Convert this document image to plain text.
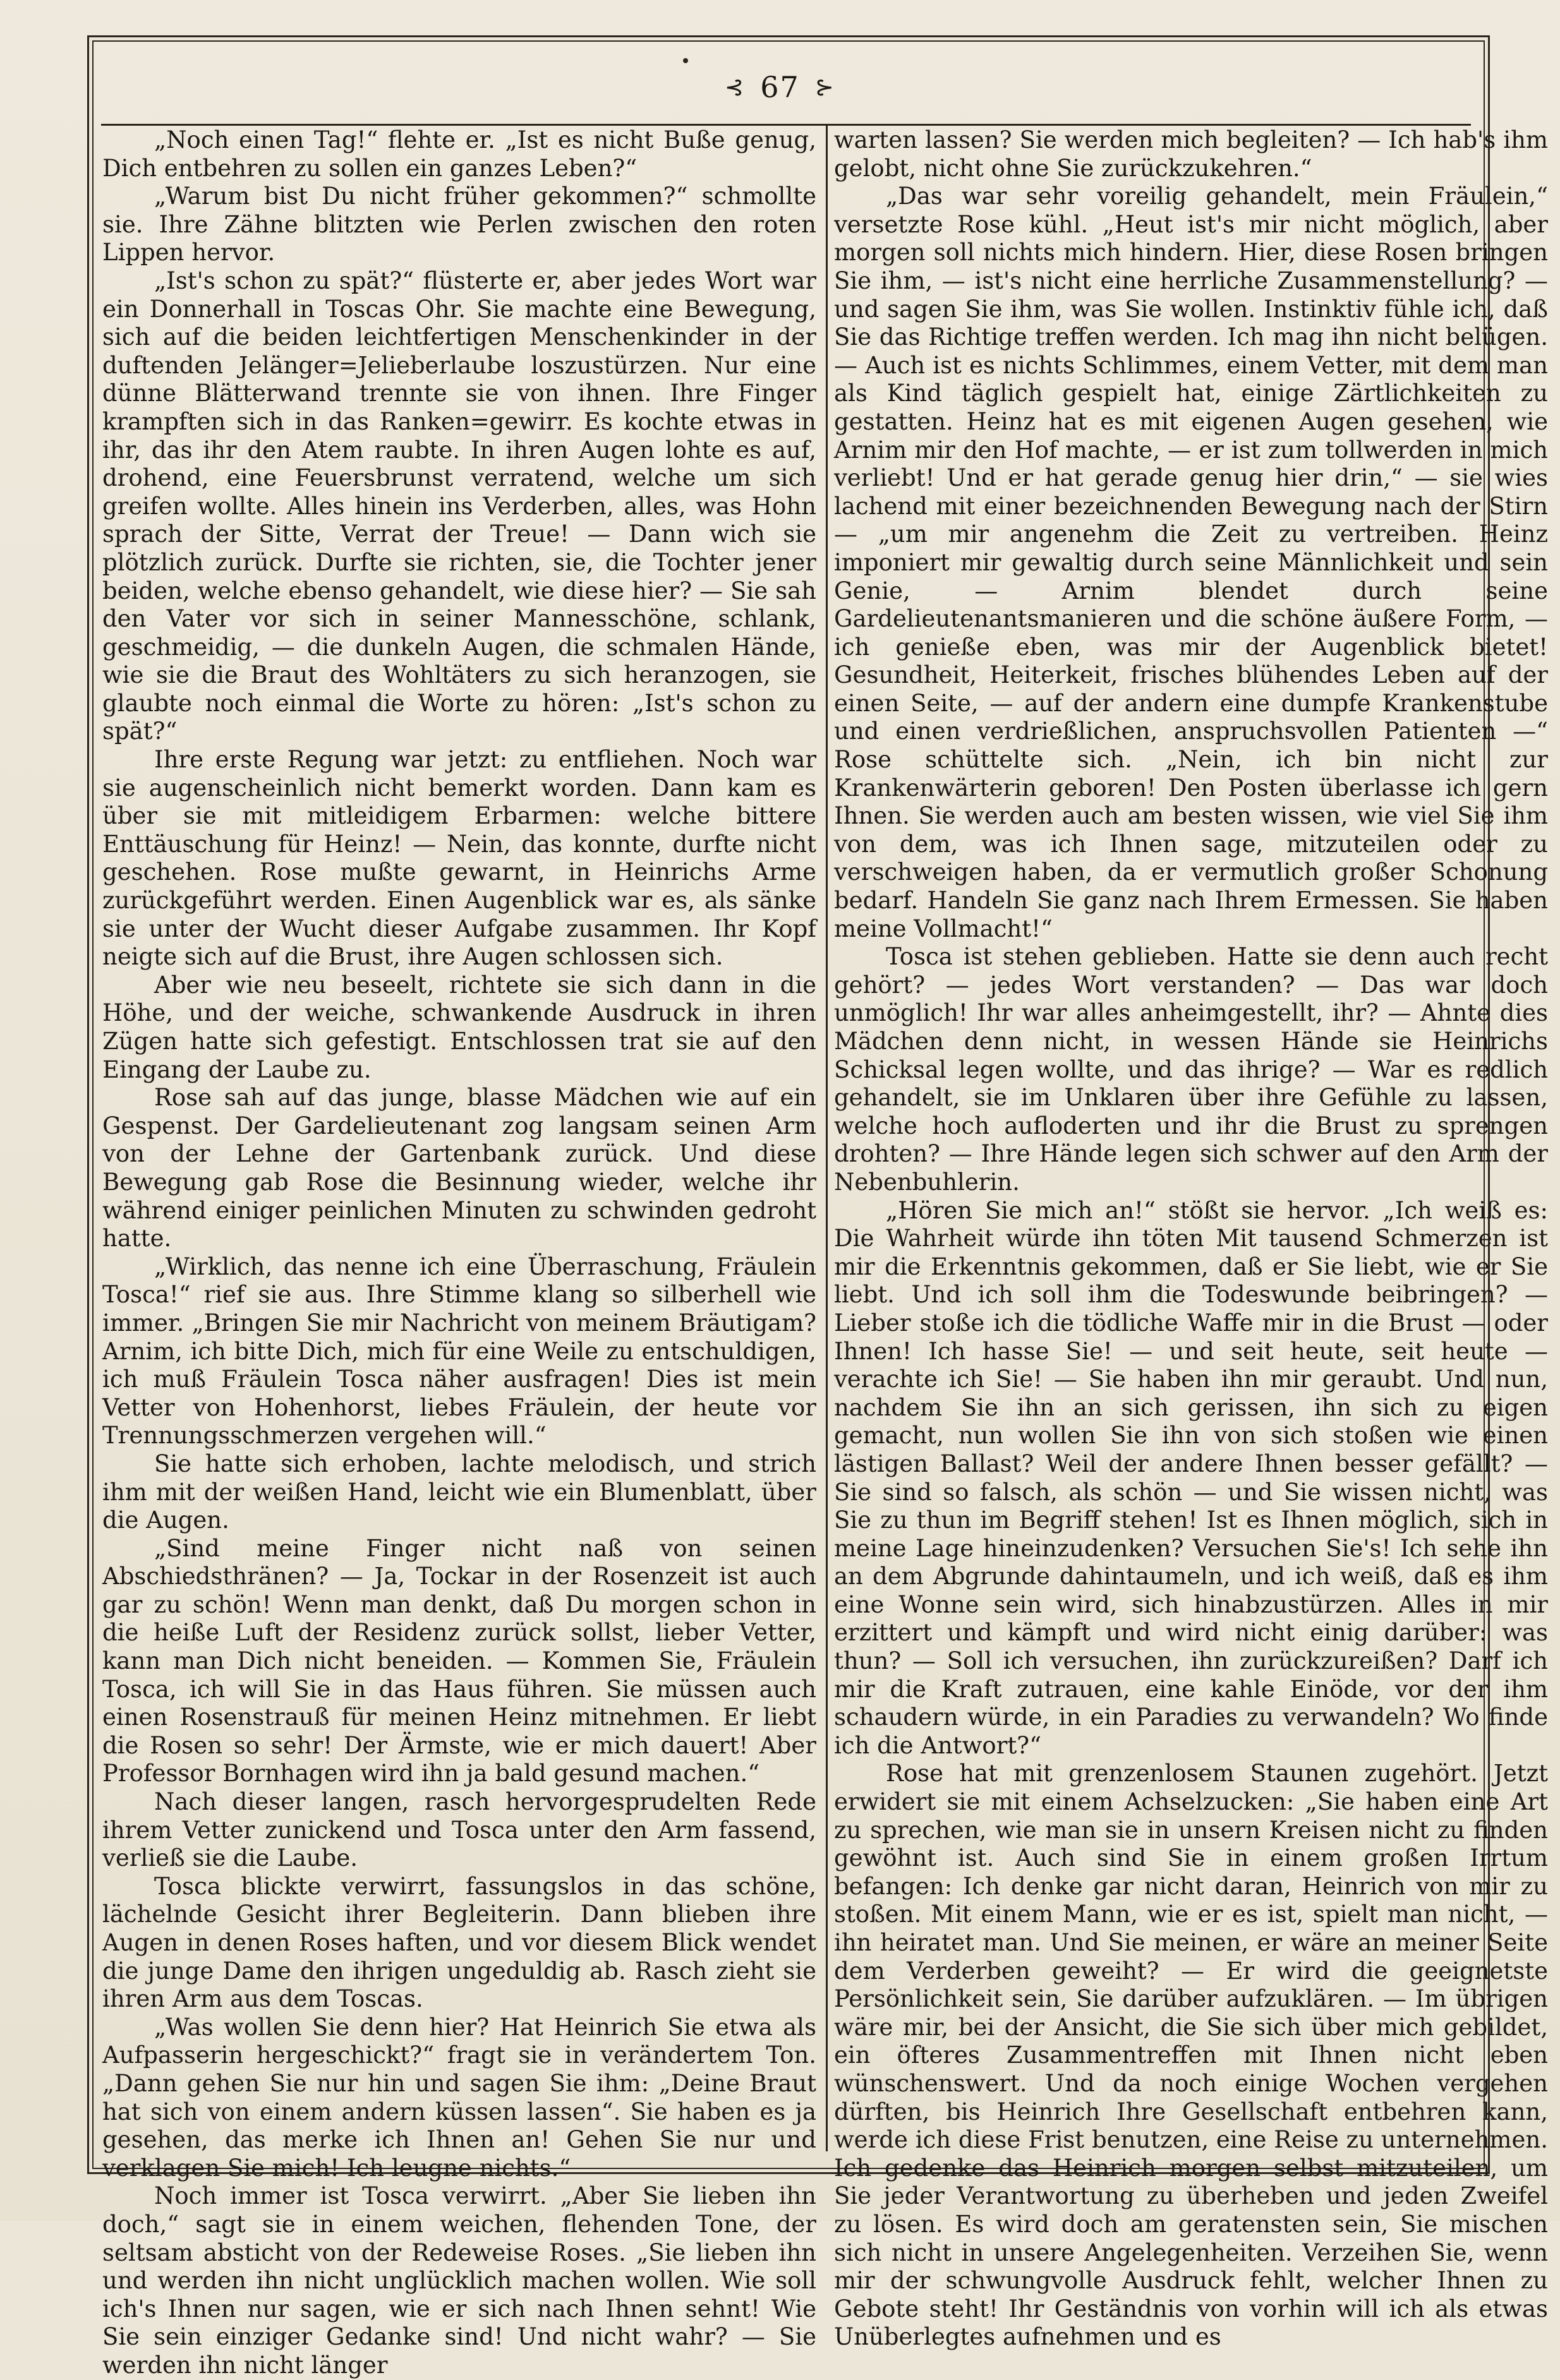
⊰ 67 ⊱

„Noch einen Tag!“ flehte er. „Ist es nicht Buße genug, Dich entbehren zu sollen ein ganzes Leben?“

„Warum bist Du nicht früher gekommen?“ schmollte sie. Ihre Zähne blitzten wie Perlen zwischen den roten Lippen hervor.

„Ist's schon zu spät?“ flüsterte er, aber jedes Wort war ein Donnerhall in Toscas Ohr. Sie machte eine Bewegung, sich auf die beiden leichtfertigen Menschenkinder in der duftenden Jelänger=Jelieberlaube loszustürzen. Nur eine dünne Blätterwand trennte sie von ihnen. Ihre Finger krampften sich in das Ranken=gewirr. Es kochte etwas in ihr, das ihr den Atem raubte. In ihren Augen lohte es auf, drohend, eine Feuersbrunst verratend, welche um sich greifen wollte. Alles hinein ins Verderben, alles, was Hohn sprach der Sitte, Verrat der Treue! — Dann wich sie plötzlich zurück. Durfte sie richten, sie, die Tochter jener beiden, welche ebenso gehandelt, wie diese hier? — Sie sah den Vater vor sich in seiner Mannesschöne, schlank, geschmeidig, — die dunkeln Augen, die schmalen Hände, wie sie die Braut des Wohltäters zu sich heranzogen, sie glaubte noch einmal die Worte zu hören: „Ist's schon zu spät?“

Ihre erste Regung war jetzt: zu entfliehen. Noch war sie augenscheinlich nicht bemerkt worden. Dann kam es über sie mit mitleidigem Erbarmen: welche bittere Enttäuschung für Heinz! — Nein, das konnte, durfte nicht geschehen. Rose mußte gewarnt, in Heinrichs Arme zurückgeführt werden. Einen Augenblick war es, als sänke sie unter der Wucht dieser Aufgabe zusammen. Ihr Kopf neigte sich auf die Brust, ihre Augen schlossen sich.

Aber wie neu beseelt, richtete sie sich dann in die Höhe, und der weiche, schwankende Ausdruck in ihren Zügen hatte sich gefestigt. Entschlossen trat sie auf den Eingang der Laube zu.

Rose sah auf das junge, blasse Mädchen wie auf ein Gespenst. Der Gardelieutenant zog langsam seinen Arm von der Lehne der Gartenbank zurück. Und diese Bewegung gab Rose die Besinnung wieder, welche ihr während einiger peinlichen Minuten zu schwinden gedroht hatte.

„Wirklich, das nenne ich eine Überraschung, Fräulein Tosca!“ rief sie aus. Ihre Stimme klang so silberhell wie immer. „Bringen Sie mir Nachricht von meinem Bräutigam? Arnim, ich bitte Dich, mich für eine Weile zu entschuldigen, ich muß Fräulein Tosca näher ausfragen! Dies ist mein Vetter von Hohenhorst, liebes Fräulein, der heute vor Trennungsschmerzen vergehen will.“

Sie hatte sich erhoben, lachte melodisch, und strich ihm mit der weißen Hand, leicht wie ein Blumenblatt, über die Augen.

„Sind meine Finger nicht naß von seinen Abschiedsthränen? — Ja, Tockar in der Rosenzeit ist auch gar zu schön! Wenn man denkt, daß Du morgen schon in die heiße Luft der Residenz zurück sollst, lieber Vetter, kann man Dich nicht beneiden. — Kommen Sie, Fräulein Tosca, ich will Sie in das Haus führen. Sie müssen auch einen Rosenstrauß für meinen Heinz mitnehmen. Er liebt die Rosen so sehr! Der Ärmste, wie er mich dauert! Aber Professor Bornhagen wird ihn ja bald gesund machen.“

Nach dieser langen, rasch hervorgesprudelten Rede ihrem Vetter zunickend und Tosca unter den Arm fassend, verließ sie die Laube.

Tosca blickte verwirrt, fassungslos in das schöne, lächelnde Gesicht ihrer Begleiterin. Dann blieben ihre Augen in denen Roses haften, und vor diesem Blick wendet die junge Dame den ihrigen ungeduldig ab. Rasch zieht sie ihren Arm aus dem Toscas.

„Was wollen Sie denn hier? Hat Heinrich Sie etwa als Aufpasserin hergeschickt?“ fragt sie in verändertem Ton. „Dann gehen Sie nur hin und sagen Sie ihm: „Deine Braut hat sich von einem andern küssen lassen“. Sie haben es ja gesehen, das merke ich Ihnen an! Gehen Sie nur und verklagen Sie mich! Ich leugne nichts.“

Noch immer ist Tosca verwirrt. „Aber Sie lieben ihn doch,“ sagt sie in einem weichen, flehenden Tone, der seltsam absticht von der Redeweise Roses. „Sie lieben ihn und werden ihn nicht unglücklich machen wollen. Wie soll ich's Ihnen nur sagen, wie er sich nach Ihnen sehnt! Wie Sie sein einziger Gedanke sind! Und nicht wahr? — Sie werden ihn nicht länger

warten lassen? Sie werden mich begleiten? — Ich hab's ihm gelobt, nicht ohne Sie zurückzukehren.“

„Das war sehr voreilig gehandelt, mein Fräulein,“ versetzte Rose kühl. „Heut ist's mir nicht möglich, aber morgen soll nichts mich hindern. Hier, diese Rosen bringen Sie ihm, — ist's nicht eine herrliche Zusammenstellung? — und sagen Sie ihm, was Sie wollen. Instinktiv fühle ich, daß Sie das Richtige treffen werden. Ich mag ihn nicht belügen. — Auch ist es nichts Schlimmes, einem Vetter, mit dem man als Kind täglich gespielt hat, einige Zärtlichkeiten zu gestatten. Heinz hat es mit eigenen Augen gesehen, wie Arnim mir den Hof machte, — er ist zum tollwerden in mich verliebt! Und er hat gerade genug hier drin,“ — sie wies lachend mit einer bezeichnenden Bewegung nach der Stirn — „um mir angenehm die Zeit zu vertreiben. Heinz imponiert mir gewaltig durch seine Männlichkeit und sein Genie, — Arnim blendet durch seine Gardelieutenantsmanieren und die schöne äußere Form, — ich genieße eben, was mir der Augenblick bietet! Gesundheit, Heiterkeit, frisches blühendes Leben auf der einen Seite, — auf der andern eine dumpfe Krankenstube und einen verdrießlichen, anspruchsvollen Patienten —“ Rose schüttelte sich. „Nein, ich bin nicht zur Krankenwärterin geboren! Den Posten überlasse ich gern Ihnen. Sie werden auch am besten wissen, wie viel Sie ihm von dem, was ich Ihnen sage, mitzuteilen oder zu verschweigen haben, da er vermutlich großer Schonung bedarf. Handeln Sie ganz nach Ihrem Ermessen. Sie haben meine Vollmacht!“

Tosca ist stehen geblieben. Hatte sie denn auch recht gehört? — jedes Wort verstanden? — Das war doch unmöglich! Ihr war alles anheimgestellt, ihr? — Ahnte dies Mädchen denn nicht, in wessen Hände sie Heinrichs Schicksal legen wollte, und das ihrige? — War es redlich gehandelt, sie im Unklaren über ihre Gefühle zu lassen, welche hoch aufloderten und ihr die Brust zu sprengen drohten? — Ihre Hände legen sich schwer auf den Arm der Nebenbuhlerin.

„Hören Sie mich an!“ stößt sie hervor. „Ich weiß es: Die Wahrheit würde ihn töten Mit tausend Schmerzen ist mir die Erkenntnis gekommen, daß er Sie liebt, wie er Sie liebt. Und ich soll ihm die Todeswunde beibringen? — Lieber stoße ich die tödliche Waffe mir in die Brust — oder Ihnen! Ich hasse Sie! — und seit heute, seit heute — verachte ich Sie! — Sie haben ihn mir geraubt. Und nun, nachdem Sie ihn an sich gerissen, ihn sich zu eigen gemacht, nun wollen Sie ihn von sich stoßen wie einen lästigen Ballast? Weil der andere Ihnen besser gefällt? — Sie sind so falsch, als schön — und Sie wissen nicht, was Sie zu thun im Begriff stehen! Ist es Ihnen möglich, sich in meine Lage hineinzudenken? Versuchen Sie's! Ich sehe ihn an dem Abgrunde dahintaumeln, und ich weiß, daß es ihm eine Wonne sein wird, sich hinabzustürzen. Alles in mir erzittert und kämpft und wird nicht einig darüber: was thun? — Soll ich versuchen, ihn zurückzureißen? Darf ich mir die Kraft zutrauen, eine kahle Einöde, vor der ihm schaudern würde, in ein Paradies zu verwandeln? Wo finde ich die Antwort?“

Rose hat mit grenzenlosem Staunen zugehört. Jetzt erwidert sie mit einem Achselzucken: „Sie haben eine Art zu sprechen, wie man sie in unsern Kreisen nicht zu finden gewöhnt ist. Auch sind Sie in einem großen Irrtum befangen: Ich denke gar nicht daran, Heinrich von mir zu stoßen. Mit einem Mann, wie er es ist, spielt man nicht, — ihn heiratet man. Und Sie meinen, er wäre an meiner Seite dem Verderben geweiht? — Er wird die geeignetste Persönlichkeit sein, Sie darüber aufzuklären. — Im übrigen wäre mir, bei der Ansicht, die Sie sich über mich gebildet, ein öfteres Zusammentreffen mit Ihnen nicht eben wünschenswert. Und da noch einige Wochen vergehen dürften, bis Heinrich Ihre Gesellschaft entbehren kann, werde ich diese Frist benutzen, eine Reise zu unternehmen. Ich gedenke das Heinrich morgen selbst mitzuteilen, um Sie jeder Verantwortung zu überheben und jeden Zweifel zu lösen. Es wird doch am geratensten sein, Sie mischen sich nicht in unsere Angelegenheiten. Verzeihen Sie, wenn mir der schwungvolle Ausdruck fehlt, welcher Ihnen zu Gebote steht! Ihr Geständnis von vorhin will ich als etwas Unüberlegtes aufnehmen und es
